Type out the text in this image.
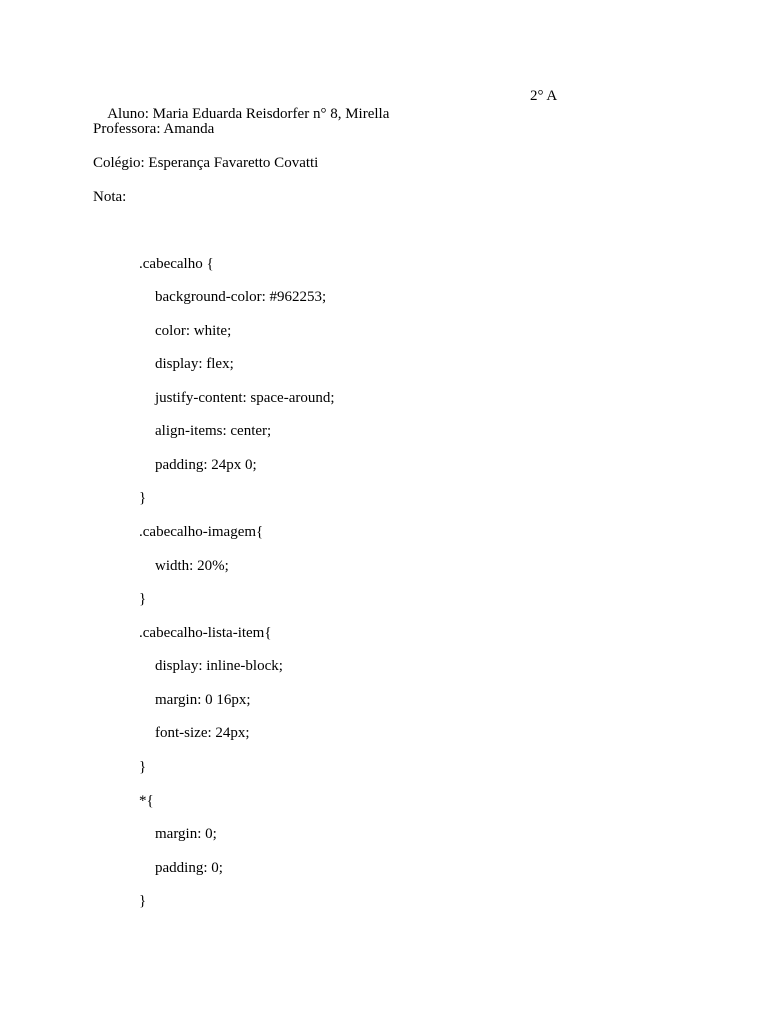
Aluno: Maria Eduarda Reisdorfer n° 8, Mirella

2° A

Professora: Amanda
Colégio: Esperança Favaretto Covatti
Nota:
.cabecalho {
background-color: #962253;
color: white;
display: flex;
justify-content: space-around;
align-items: center;
padding: 24px 0;
}
.cabecalho-imagem{
width: 20%;
}
.cabecalho-lista-item{
display: inline-block;
margin: 0 16px;
font-size: 24px;
}
*{
margin: 0;
padding: 0;
}
